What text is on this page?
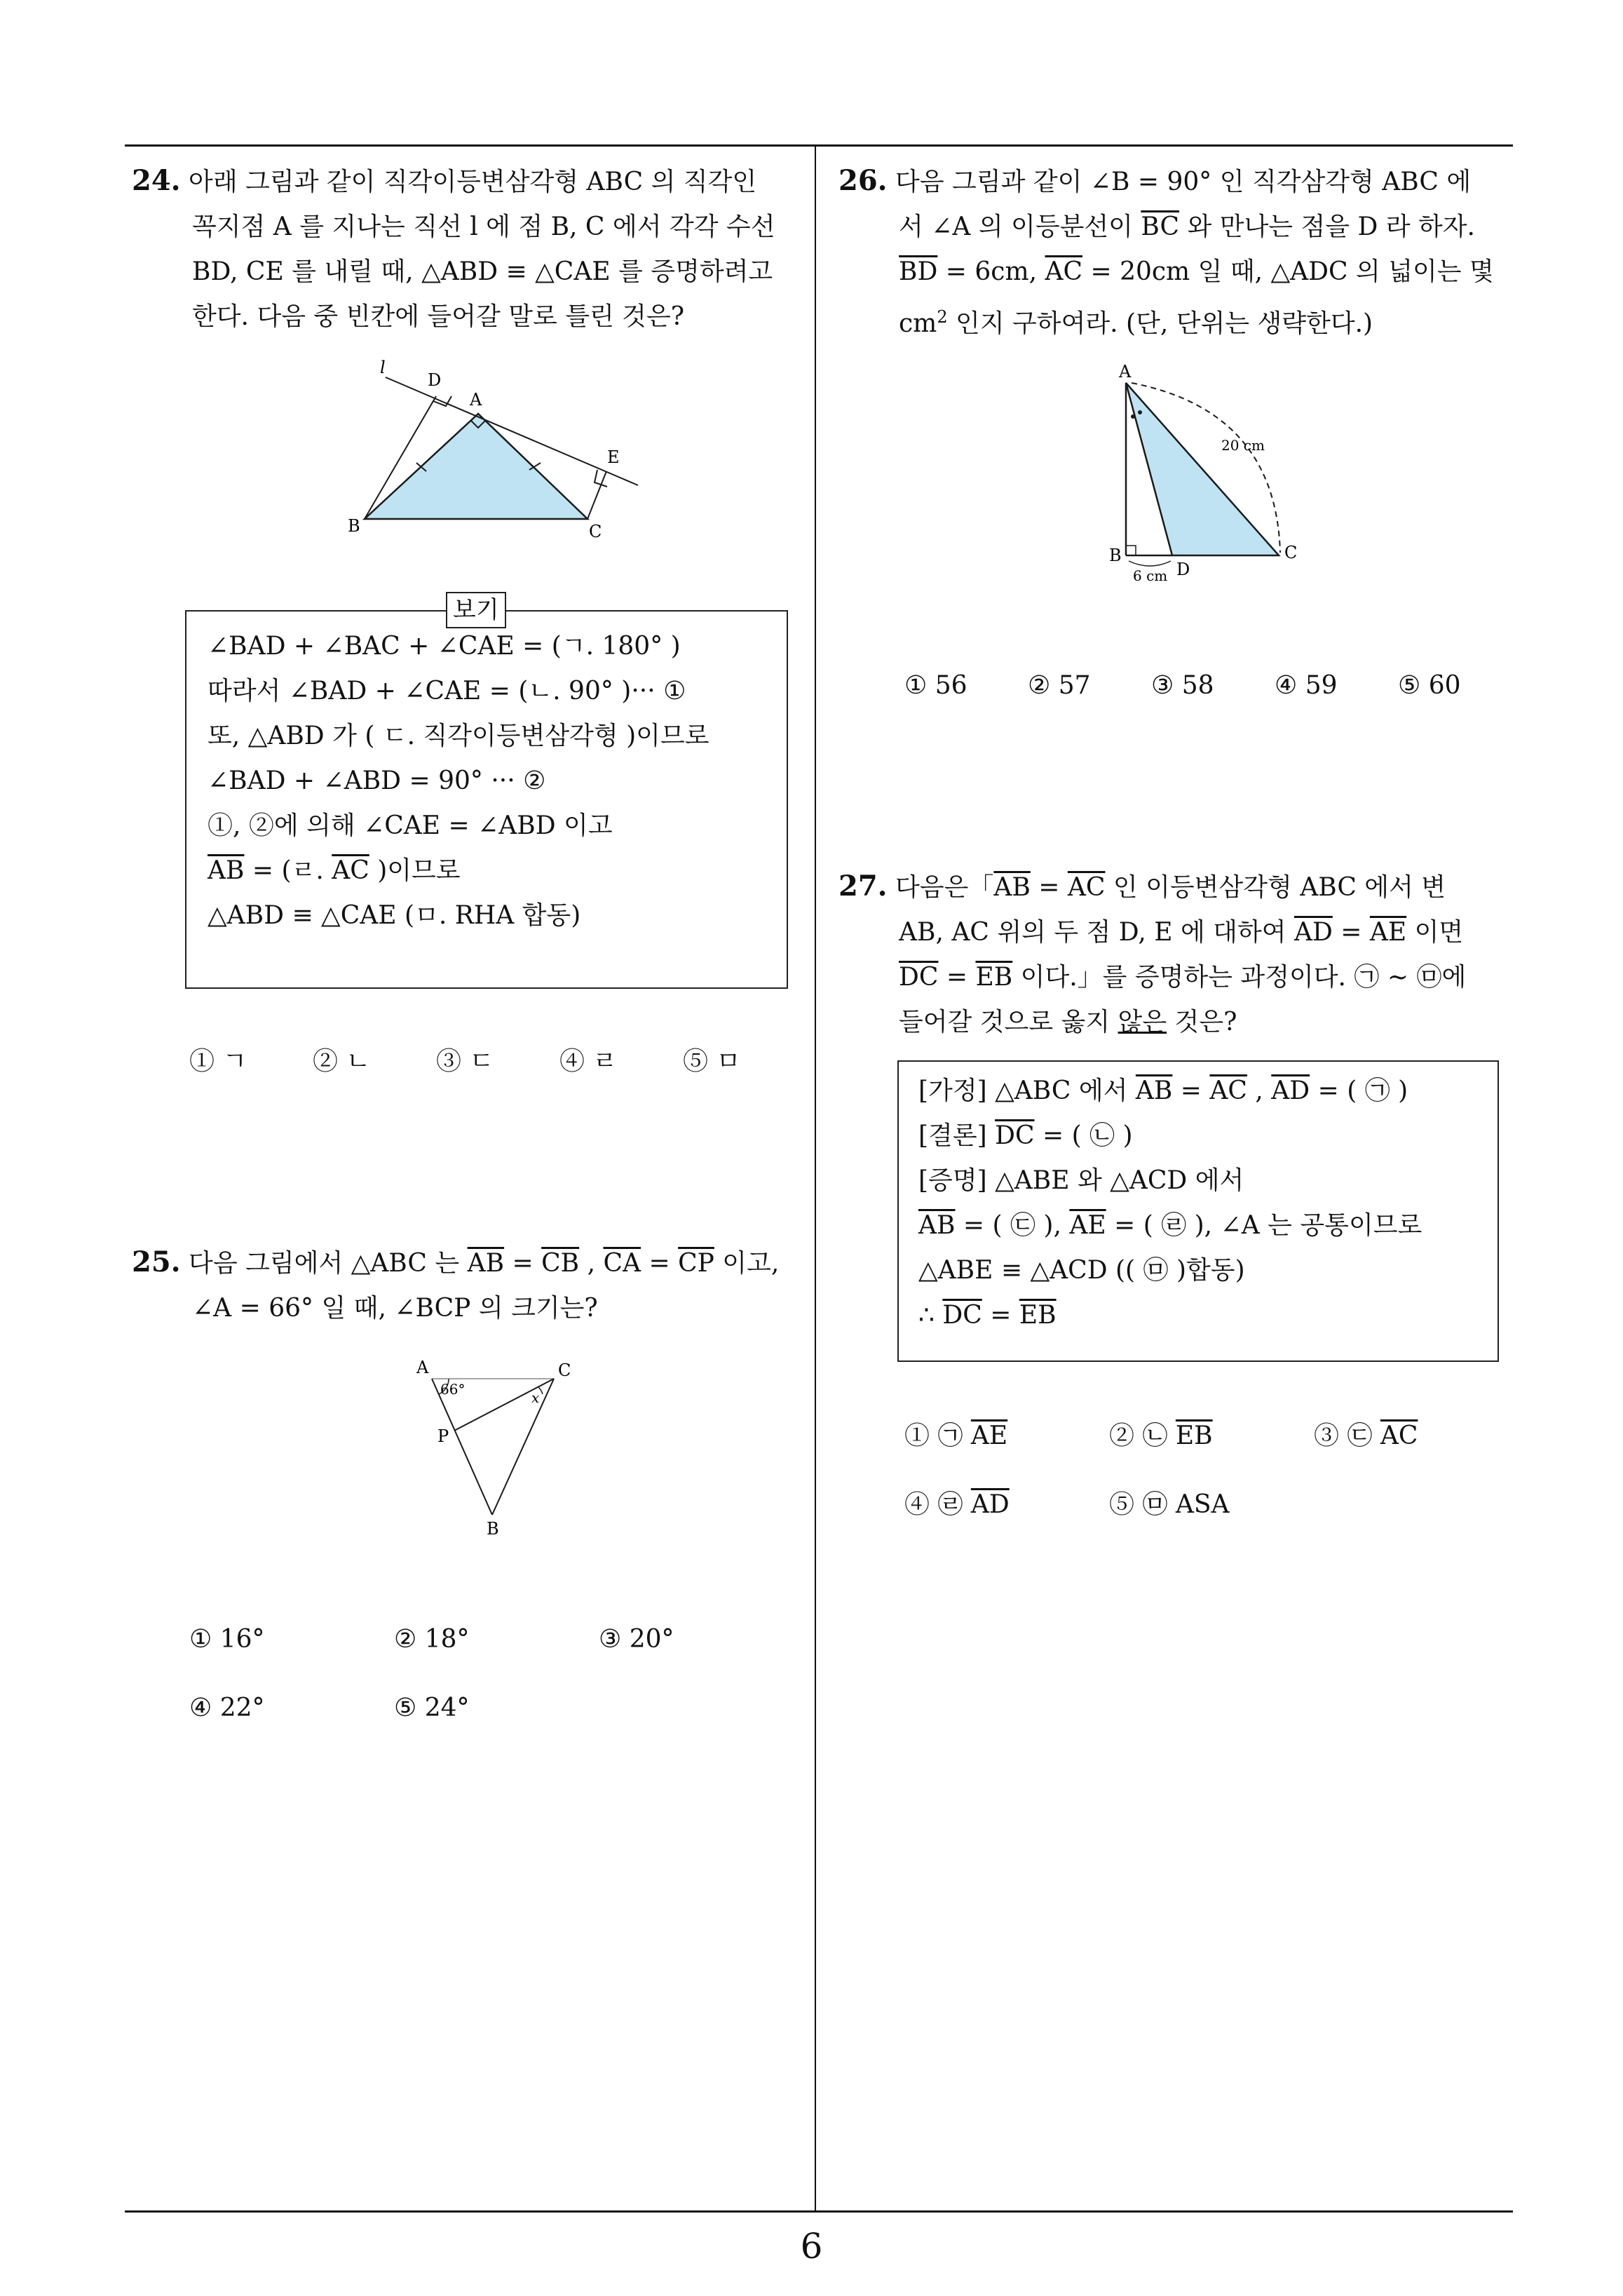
6
24. 아래 그림과 같이 직각이등변삼각형 ABC 의 직각인
꼭지점 A 를 지나는 직선 l 에 점 B, C 에서 각각 수선
BD, CE 를 내릴 때, △ABD ≡ △CAE 를 증명하려고
한다. 다음 중 빈칸에 들어갈 말로 틀린 것은?
l
D
A
E
B	C
∠BAD + ∠BAC + ∠CAE = (ㄱ. 180° )
따라서 ∠BAD + ∠CAE = (ㄴ. 90° )··· ①
또, △ABD 가 ( ㄷ. 직각이등변삼각형 )이므로
∠BAD + ∠ABD = 90° ··· ②
①, ②에 의해 ∠CAE = ∠ABD 이고
$\overline{AB}$ = (ㄹ. $\overline{AC}$ )이므로
△ABD ≡ △CAE (ㅁ. RHA 합동)
보기
① ㄱ	② ㄴ	③ ㄷ	④ ㄹ	⑤ ㅁ
25. 다음 그림에서 △ABC 는 $\overline{AB} = \overline{CB}$ , $\overline{CA} = \overline{CP}$ 이고,
∠A = 66° 일 때, ∠BCP 의 크기는?
A	C
P
B
66°	x
① 16°	② 18°	③ 20°
④ 22°	⑤ 24°
26. 다음 그림과 같이 ∠B = 90° 인 직각삼각형 ABC 에
서 ∠A 의 이등분선이 $\overline{BC}$ 와 만나는 점을 D 라 하자.
$\overline{BD} = 6cm$, $\overline{AC} = 20cm$ 일 때, △ADC 의 넓이는 몇
$cm^2$ 인지 구하여라. (단, 단위는 생략한다.)
A
B
D
C
20 cm
6 cm
① 56 ② 57 ③ 58 ④ 59 ⑤ 60
27. 다음은「$\overline{AB} = \overline{AC}$ 인 이등변삼각형 ABC 에서 변
AB, AC 위의 두 점 D, E 에 대하여 $\overline{AD} = \overline{AE}$ 이면
$\overline{DC} = \overline{EB}$ 이다.」를 증명하는 과정이다. ㉠ ~ ㉤에
들어갈 것으로 옳지 않은 것은?
[가정] △ABC 에서 $\overline{AB} = \overline{AC}$ , $\overline{AD}$ = ( ㉠ )
[결론] $\overline{DC}$ = ( ㉡ )
[증명] △ABE 와 △ACD 에서
$\overline{AB}$ = ( ㉢ ), $\overline{AE}$ = ( ㉣ ), ∠A 는 공통이므로
△ABE ≡ △ACD (( ㉤ )합동)
∴ $\overline{DC} = \overline{EB}$
① ㉠ $\overline{AE}$	② ㉡ $\overline{EB}$	③ ㉢ $\overline{AC}$
④ ㉣ $\overline{AD}$	⑤ ㉤ ASA
